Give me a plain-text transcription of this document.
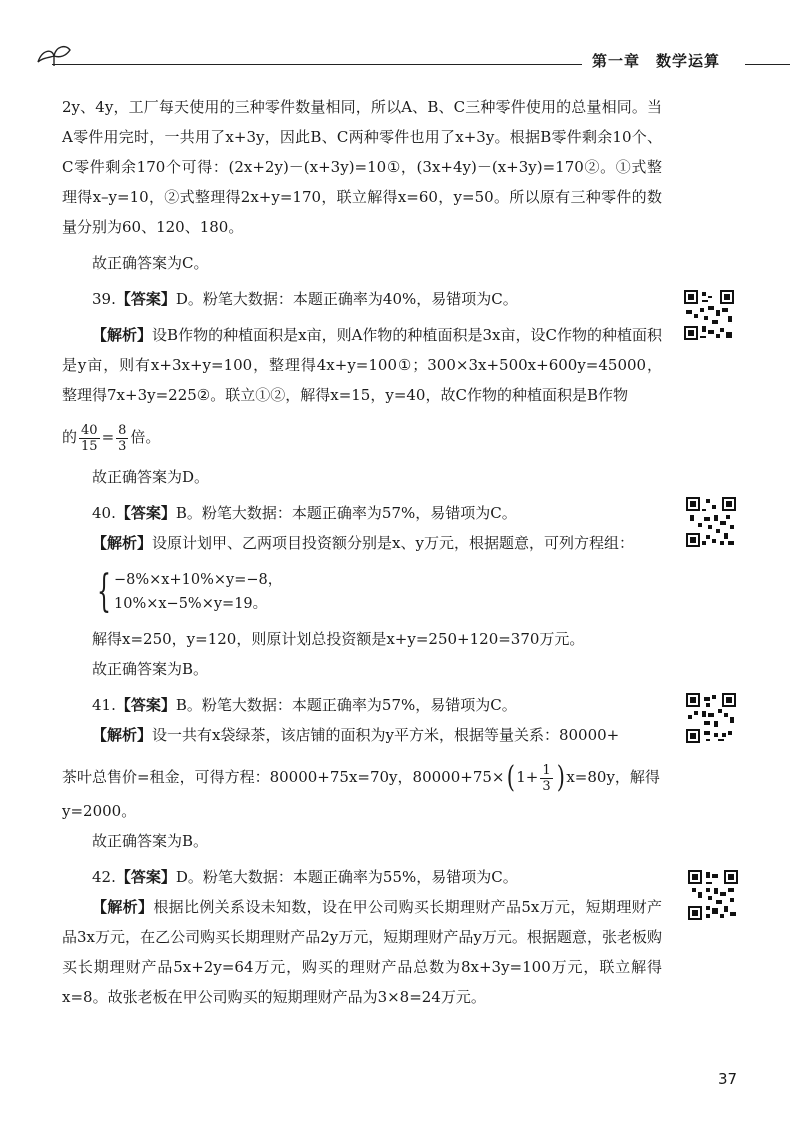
第一章 数学运算

2y、4y，工厂每天使用的三种零件数量相同，所以A、B、C三种零件使用的总量相同。当A零件用完时，一共用了x+3y，因此B、C两种零件也用了x+3y。根据B零件剩余10个、C零件剩余170个可得：(2x+2y)－(x+3y)=10①，(3x+4y)－(x+3y)=170②。①式整理得x–y=10，②式整理得2x+y=170，联立解得x=60，y=50。所以原有三种零件的数量分别为60、120、180。

故正确答案为C。

39.【答案】D。粉笔大数据：本题正确率为40%，易错项为C。

【解析】设B作物的种植面积是x亩，则A作物的种植面积是3x亩，设C作物的种植面积是y亩，则有x+3x+y=100，整理得4x+y=100①；300×3x+500x+600y=45000，整理得7x+3y=225②。联立①②，解得x=15，y=40，故C作物的种植面积是B作物

的 $\frac{40}{15} = \frac{8}{3}$ 倍。

故正确答案为D。

40.【答案】B。粉笔大数据：本题正确率为57%，易错项为C。

【解析】设原计划甲、乙两项目投资额分别是x、y万元，根据题意，可列方程组：

{ −8%×x+10%×y=−8，
10%×x−5%×y=19。

解得x=250，y=120，则原计划总投资额是x+y=250+120=370万元。

故正确答案为B。

41.【答案】B。粉笔大数据：本题正确率为57%，易错项为C。

【解析】设一共有x袋绿茶，该店铺的面积为y平方米，根据等量关系：80000+

茶叶总售价=租金，可得方程：80000+75x=70y，80000+75×( $1+ \frac{1}{3}$ ) x=80y，解得

y=2000。

故正确答案为B。

42.【答案】D。粉笔大数据：本题正确率为55%，易错项为C。

【解析】根据比例关系设未知数，设在甲公司购买长期理财产品5x万元，短期理财产品3x万元，在乙公司购买长期理财产品2y万元，短期理财产品y万元。根据题意，张老板购买长期理财产品5x+2y=64万元，购买的理财产品总数为8x+3y=100万元，联立解得x=8。故张老板在甲公司购买的短期理财产品为3×8=24万元。

37
